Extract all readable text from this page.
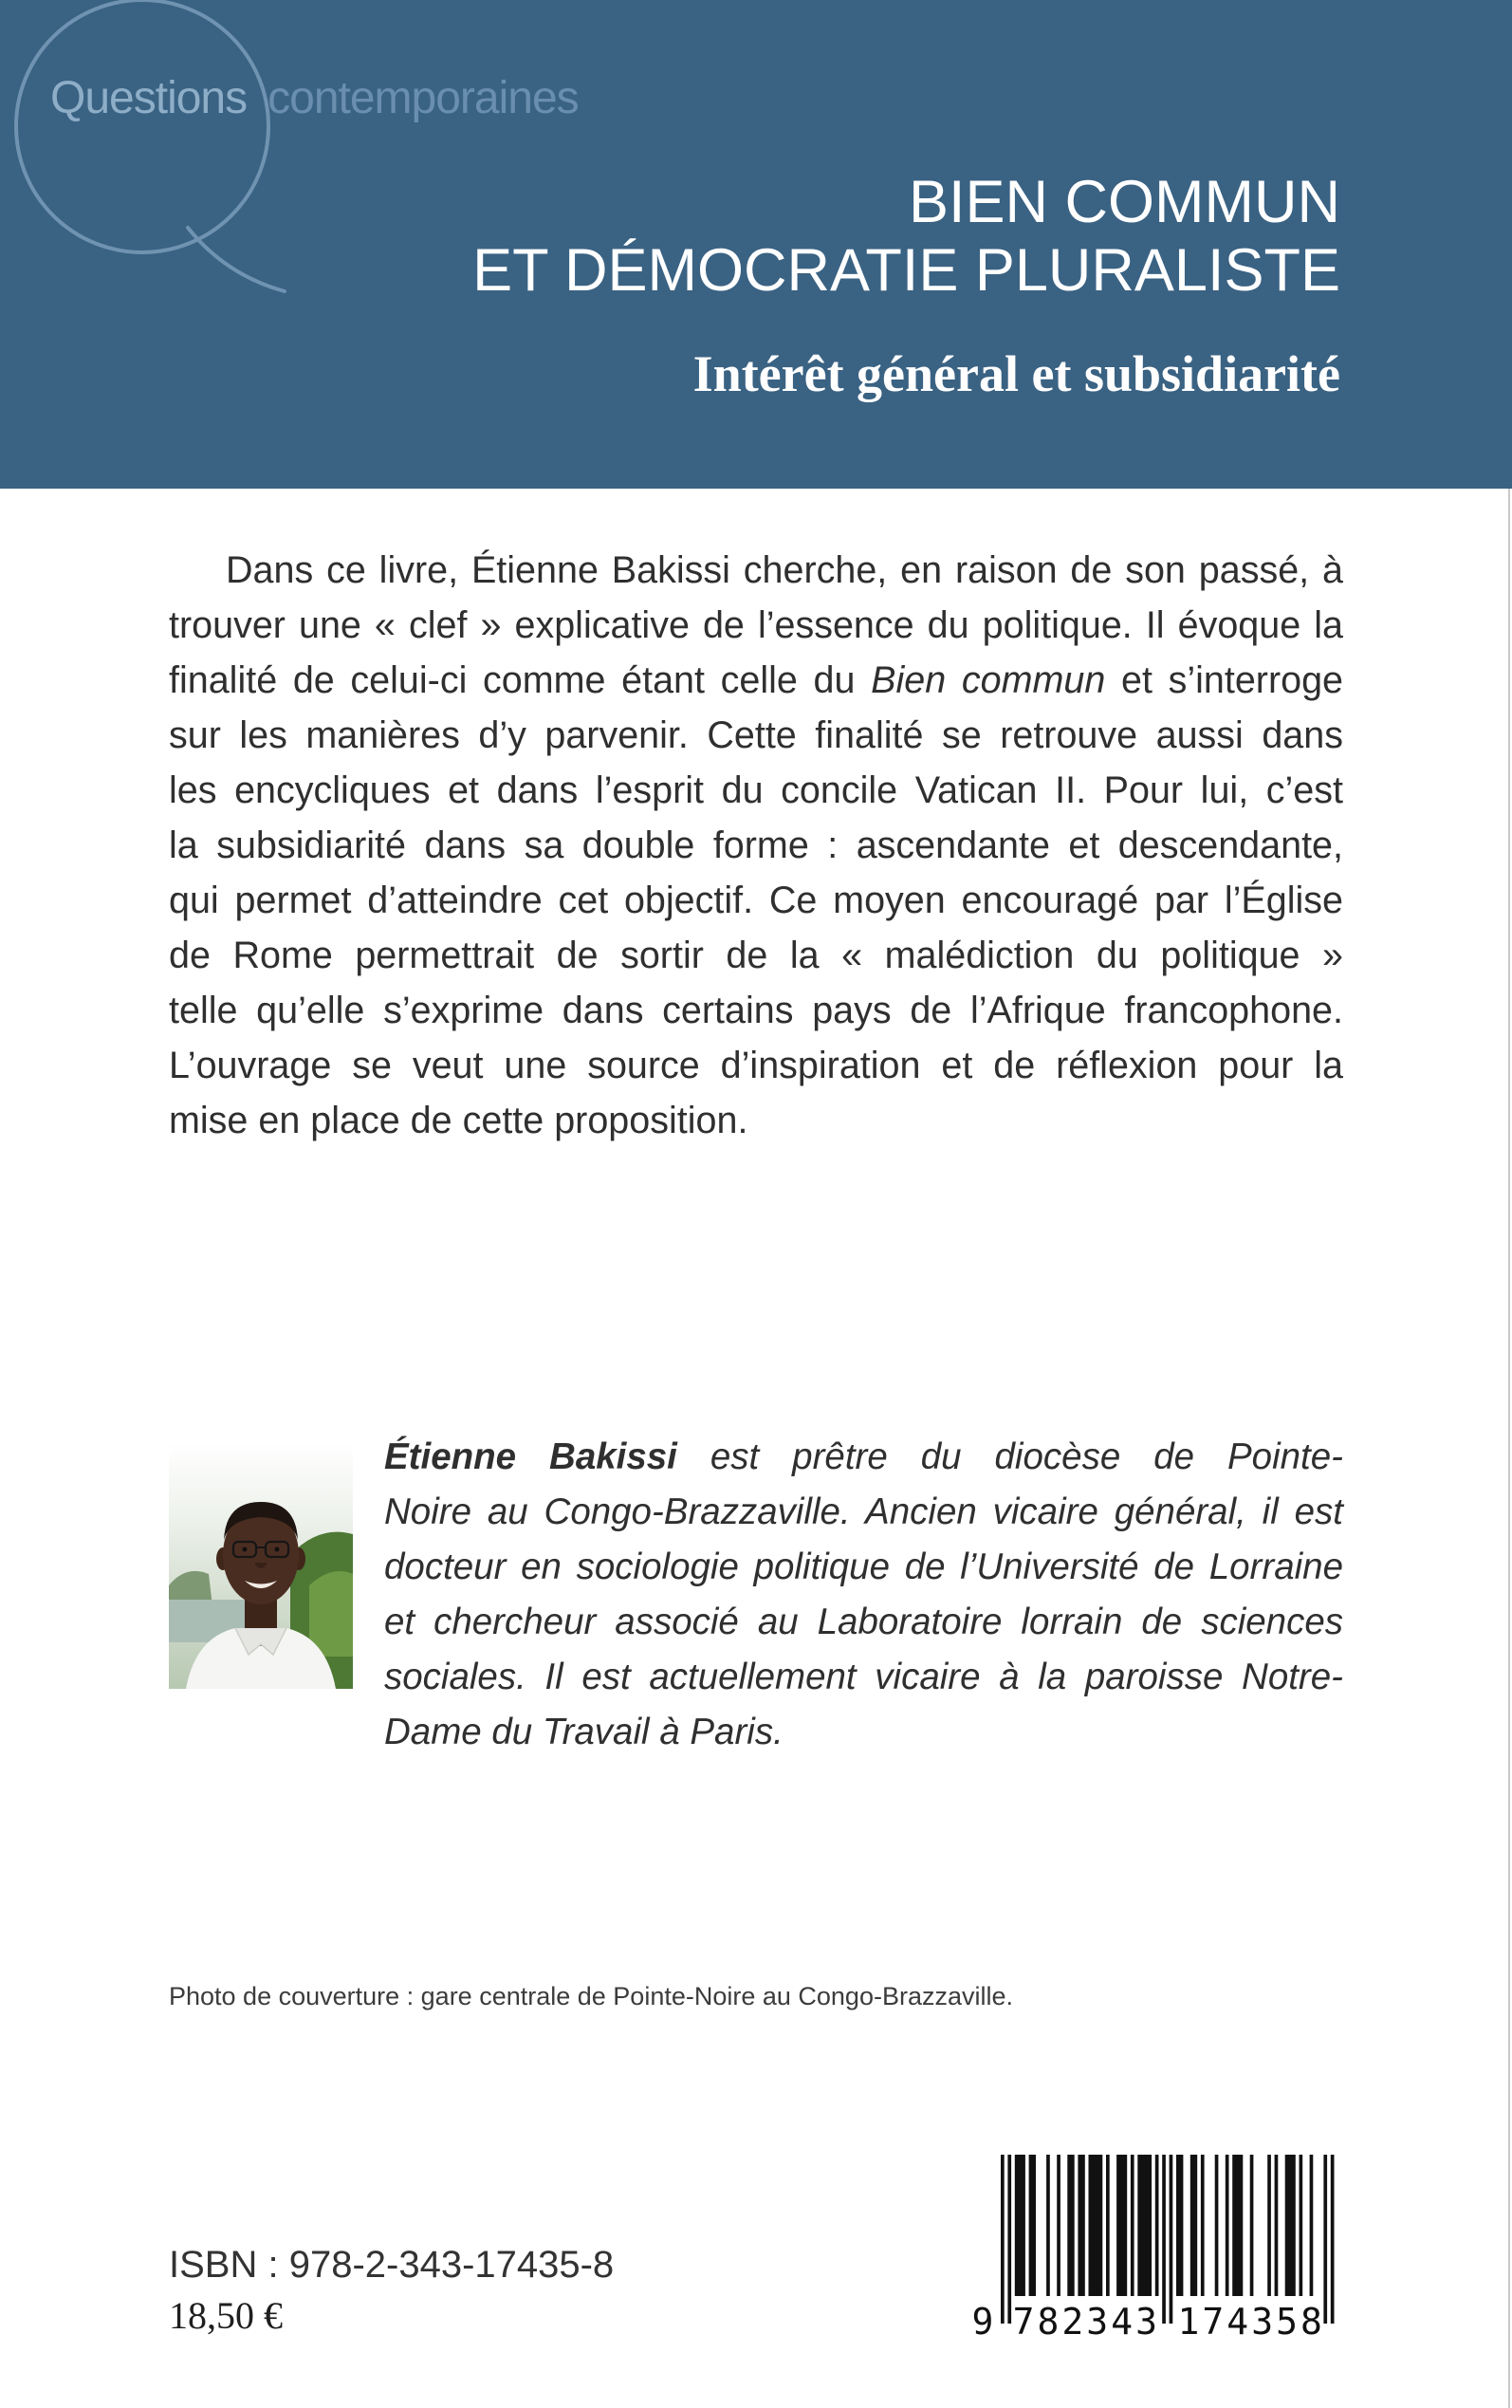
Questions contemporaines
BIEN COMMUN
ET DÉMOCRATIE PLURALISTE
Intérêt général et subsidiarité
Dans ce livre, Étienne Bakissi cherche, en raison de son passé, à
trouver une « clef » explicative de l’essence du politique. Il évoque la
finalité de celui-ci comme étant celle du Bien commun et s’interroge
sur les manières d’y parvenir. Cette finalité se retrouve aussi dans
les encycliques et dans l’esprit du concile Vatican II. Pour lui, c’est
la subsidiarité dans sa double forme : ascendante et descendante,
qui permet d’atteindre cet objectif. Ce moyen encouragé par l’Église
de Rome permettrait de sortir de la « malédiction du politique »
telle qu’elle s’exprime dans certains pays de l’Afrique francophone.
L’ouvrage se veut une source d’inspiration et de réflexion pour la
mise en place de cette proposition.
Étienne Bakissi est prêtre du diocèse de Pointe-
Noire au Congo-Brazzaville. Ancien vicaire général, il est
docteur en sociologie politique de l’Université de Lorraine
et chercheur associé au Laboratoire lorrain de sciences
sociales. Il est actuellement vicaire à la paroisse Notre-
Dame du Travail à Paris.
Photo de couverture : gare centrale de Pointe-Noire au Congo-Brazzaville.
ISBN : 978-2-343-17435-8
18,50 €	9 7 8 2 3 4 3 1 7 4 3 5 8
